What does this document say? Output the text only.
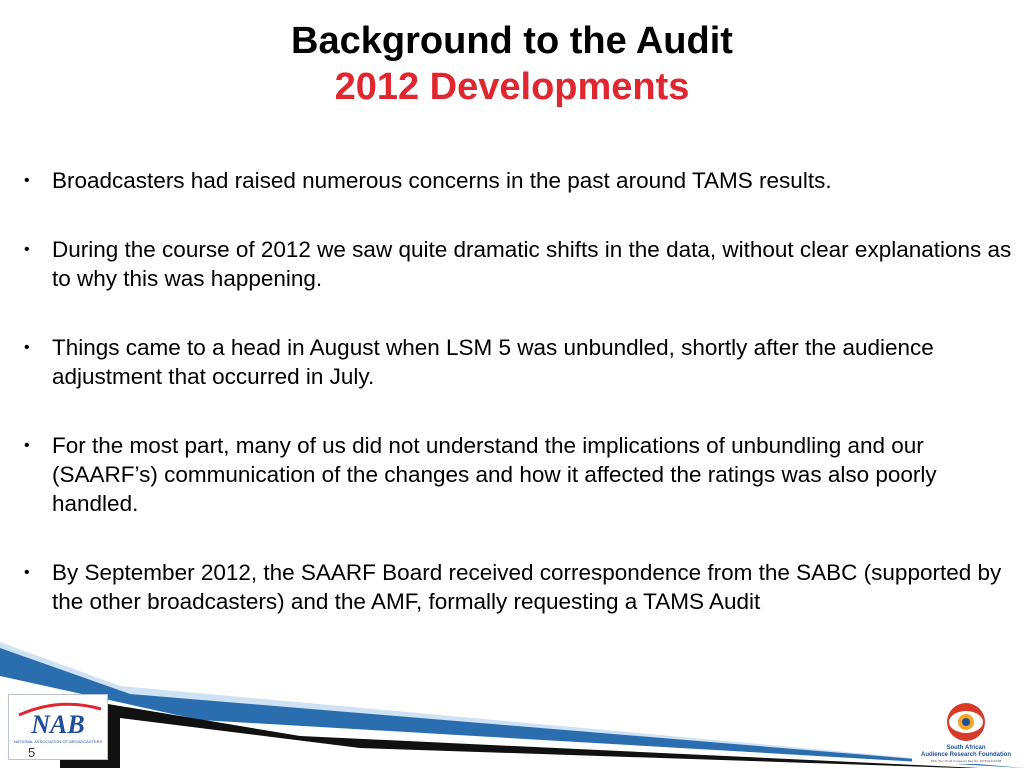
Background to the Audit
2012 Developments
• Broadcasters had raised numerous concerns in the past around TAMS results.
• During the course of 2012 we saw quite dramatic shifts in the data, without clear explanations as to why this was happening.
• Things came to a head in August when LSM 5 was unbundled, shortly after the audience adjustment that occurred in July.
• For the most part, many of us did not understand the implications of unbundling and our (SAARF’s) communication of the changes and how it affected the ratings was also poorly handled.
• By September 2012, the SAARF Board received correspondence from the SABC (supported by the other broadcasters) and the AMF, formally requesting a TAMS Audit
NAB
NATIONAL ASSOCIATION OF BROADCASTERS
5	South African
Audience Research Foundation
NPC (Non Profit Company) Reg No. 1973/014172/08
